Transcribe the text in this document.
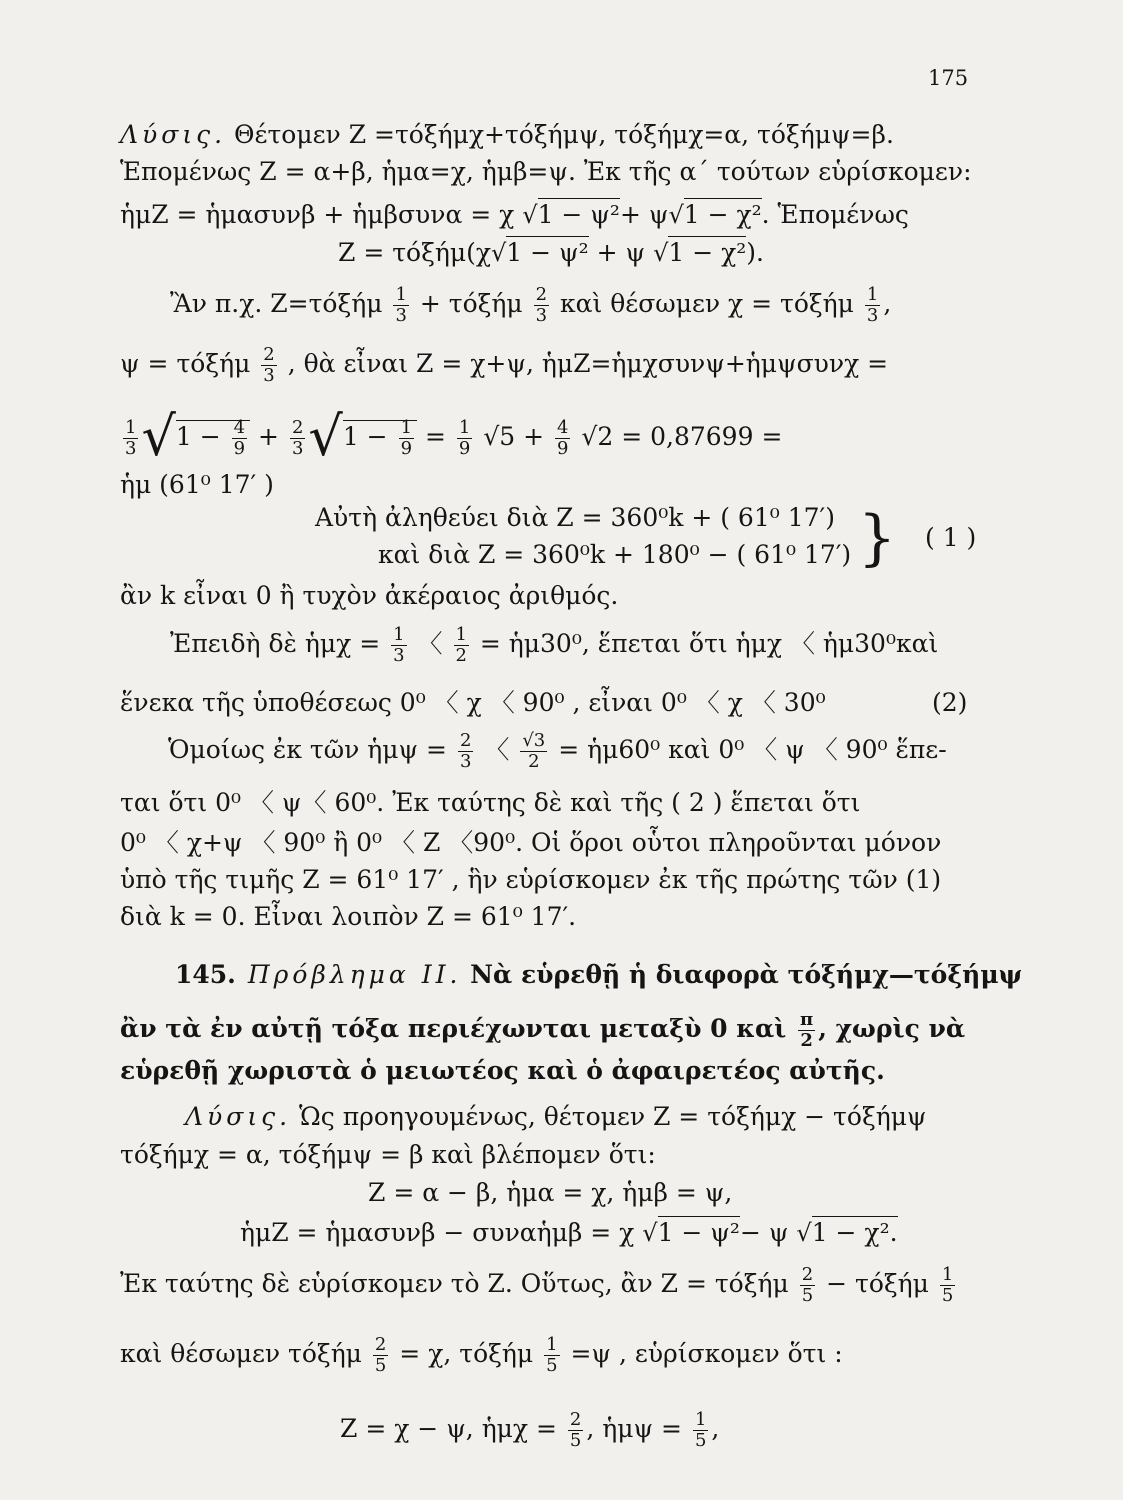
175
Λύσις. Θέτομεν Ζ =τόξήμχ+τόξήμψ, τόξήμχ=α, τόξήμψ=β.
Ἑπομένως Ζ = α+β, ἡμα=χ, ἡμβ=ψ. Ἐκ τῆς α΄ τούτων εὑρίσκομεν:
ἡμΖ = ἡμασυνβ + ἡμβσυνα = χ √1 − ψ²+ ψ√1 − χ². Ἑπομένως
Ζ = τόξήμ(χ√1 − ψ² + ψ √1 − χ²).
Ἂν π.χ. $Z=\tau ό\xi ή\mu \frac{1}{3} + \tau ό\xi ή\mu \frac{2}{3}$ καὶ θέσωμεν χ = τόξήμ $\frac{1}{3}$ ,
ψ = τόξήμ $\frac{2}{3}$ , θὰ εἶναι Ζ = χ+ψ, ἡμΖ=ἡμχσυνψ+ἡμψσυνχ =
$\frac{1}{3} √1 - \frac{4}{9} + \frac{2}{3} √1 - \frac{1}{9} = \frac{1}{9} √5 + \frac{4}{9} √2 = 0,87699$ =
ἡμ (61⁰ 17′ )
Αὐτὴ ἀληθεύει διὰ Ζ = 360⁰k + ( 61⁰ 17′)
καὶ διὰ Ζ = 360⁰k + 180⁰ − ( 61⁰ 17′) } ( 1 )
ἂν k εἶναι 0 ἢ τυχὸν ἀκέραιος ἀριθμός.
Ἐπειδὴ δὲ ἡμχ = $\frac{1}{3}$ 〈 $\frac{1}{2}$ = ἡμ30⁰, ἕπεται ὅτι ἡμχ 〈 ἡμ30⁰καὶ
ἕνεκα τῆς ὑποθέσεως 0⁰ 〈 χ 〈 90⁰ , εἶναι 0⁰ 〈 χ 〈 30⁰	(2)
Ὁμοίως ἐκ τῶν ἡμψ = $\frac{2}{3}$ 〈 $\frac{√3}{2}$ = ἡμ60⁰ καὶ 0⁰ 〈 ψ 〈 90⁰ ἕπε-
ται ὅτι 0⁰ 〈 ψ〈 60⁰. Ἐκ ταύτης δὲ καὶ τῆς ( 2 ) ἕπεται ὅτι
0⁰ 〈 χ+ψ 〈 90⁰ ἢ 0⁰ 〈 Ζ 〈90⁰. Οἱ ὅροι οὗτοι πληροῦνται μόνον
ὑπὸ τῆς τιμῆς Ζ = 61⁰ 17′ , ἣν εὑρίσκομεν ἐκ τῆς πρώτης τῶν (1)
διὰ k = 0. Εἶναι λοιπὸν Ζ = 61⁰ 17′.
145. Πρόβλημα ΙΙ. Νὰ εὑρεθῇ ἡ διαφορὰ τόξήμχ—τόξήμψ
ἂν τὰ ἐν αὐτῇ τόξα περιέχωνται μεταξὺ 0 καὶ $\frac{\pi}{2}$ , χωρὶς νὰ
εὑρεθῇ χωριστὰ ὁ μειωτέος καὶ ὁ ἀφαιρετέος αὐτῆς.
Λύσις. Ὡς προηγουμένως, θέτομεν Ζ = τόξήμχ − τόξήμψ
τόξήμχ = α, τόξήμψ = β καὶ βλέπομεν ὅτι:
Ζ = α − β, ἡμα = χ, ἡμβ = ψ,
ἡμΖ = ἡμασυνβ − συναἡμβ = χ √1 − ψ²− ψ √1 − χ².
Ἐκ ταύτης δὲ εὑρίσκομεν τὸ Ζ. Οὕτως, ἂν Ζ = τόξήμ $\frac{2}{5} - \tau ό\xi ή\mu \frac{1}{5}$
καὶ θέσωμεν τόξήμ $\frac{2}{5} = \chi$, τόξήμ $\frac{1}{5} =\psi$ , εὑρίσκομεν ὅτι :
Ζ = χ − ψ, ἡμχ = $\frac{2}{5}$ , ἡμψ = $\frac{1}{5}$ ,
